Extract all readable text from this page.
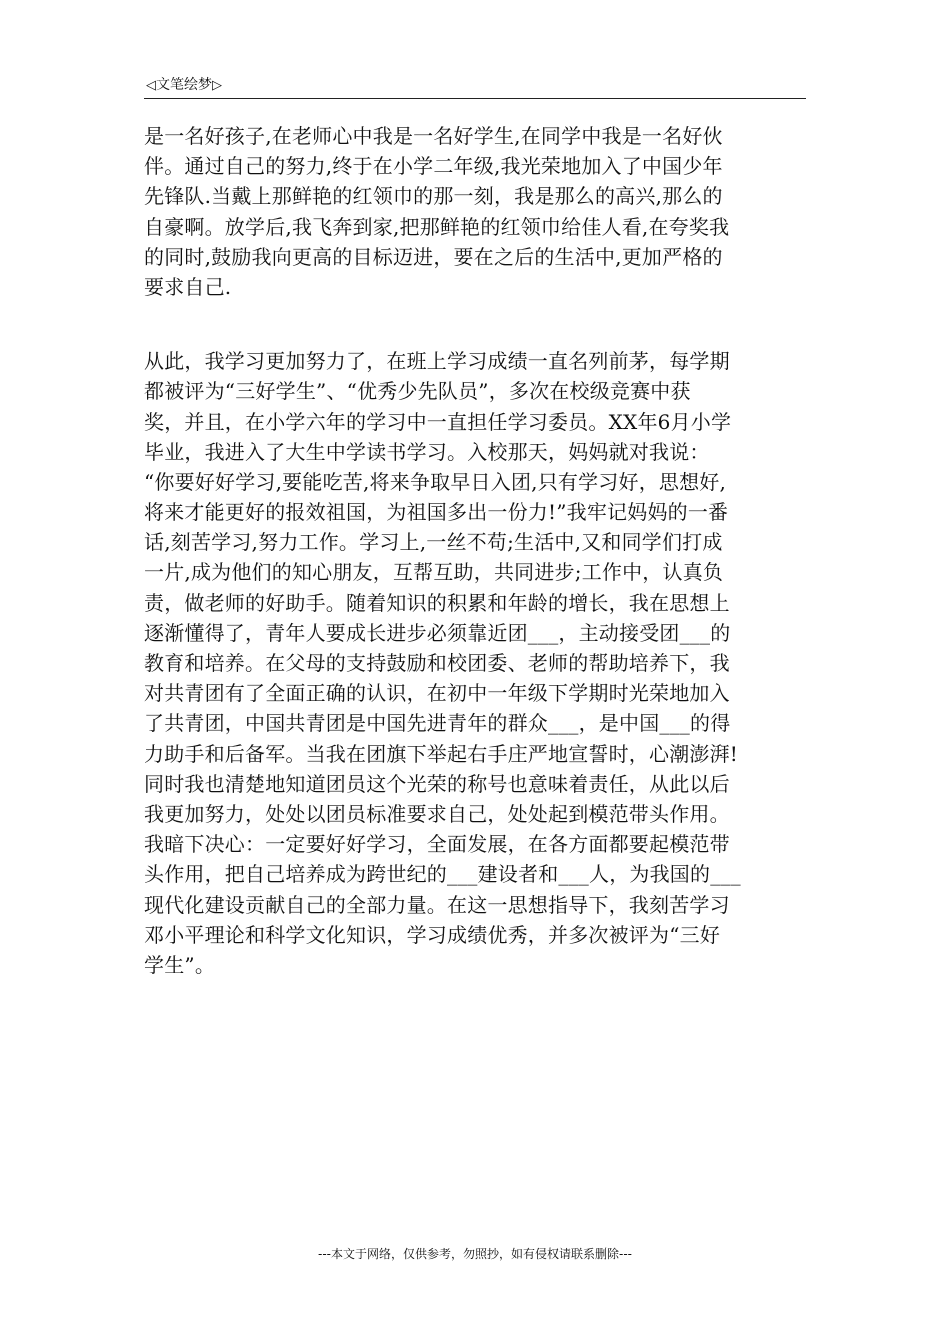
◁文笔绘梦▷
是一名好孩子,在老师心中我是一名好学生,在同学中我是一名好伙
伴。通过自己的努力,终于在小学二年级,我光荣地加入了中国少年
先锋队.当戴上那鲜艳的红领巾的那一刻，我是那么的高兴,那么的
自豪啊。放学后,我飞奔到家,把那鲜艳的红领巾给佳人看,在夸奖我
的同时,鼓励我向更高的目标迈进，要在之后的生活中,更加严格的
要求自己.
从此，我学习更加努力了，在班上学习成绩一直名列前茅，每学期
都被评为“三好学生”、“优秀少先队员”，多次在校级竞赛中获
奖，并且，在小学六年的学习中一直担任学习委员。XX年6月小学
毕业，我进入了大生中学读书学习。入校那天，妈妈就对我说：
“你要好好学习,要能吃苦,将来争取早日入团,只有学习好，思想好,
将来才能更好的报效祖国，为祖国多出一份力!”我牢记妈妈的一番
话,刻苦学习,努力工作。学习上,一丝不苟;生活中,又和同学们打成
一片,成为他们的知心朋友，互帮互助，共同进步;工作中，认真负
责，做老师的好助手。随着知识的积累和年龄的增长，我在思想上
逐渐懂得了，青年人要成长进步必须靠近团___，主动接受团___的
教育和培养。在父母的支持鼓励和校团委、老师的帮助培养下，我
对共青团有了全面正确的认识，在初中一年级下学期时光荣地加入
了共青团，中国共青团是中国先进青年的群众___，是中国___的得
力助手和后备军。当我在团旗下举起右手庄严地宣誓时，心潮澎湃!
同时我也清楚地知道团员这个光荣的称号也意味着责任，从此以后
我更加努力，处处以团员标准要求自己，处处起到模范带头作用。
我暗下决心：一定要好好学习，全面发展，在各方面都要起模范带
头作用，把自己培养成为跨世纪的___建设者和___人，为我国的___
现代化建设贡献自己的全部力量。在这一思想指导下，我刻苦学习
邓小平理论和科学文化知识，学习成绩优秀，并多次被评为“三好
学生”。
---本文于网络，仅供参考，勿照抄，如有侵权请联系删除---
